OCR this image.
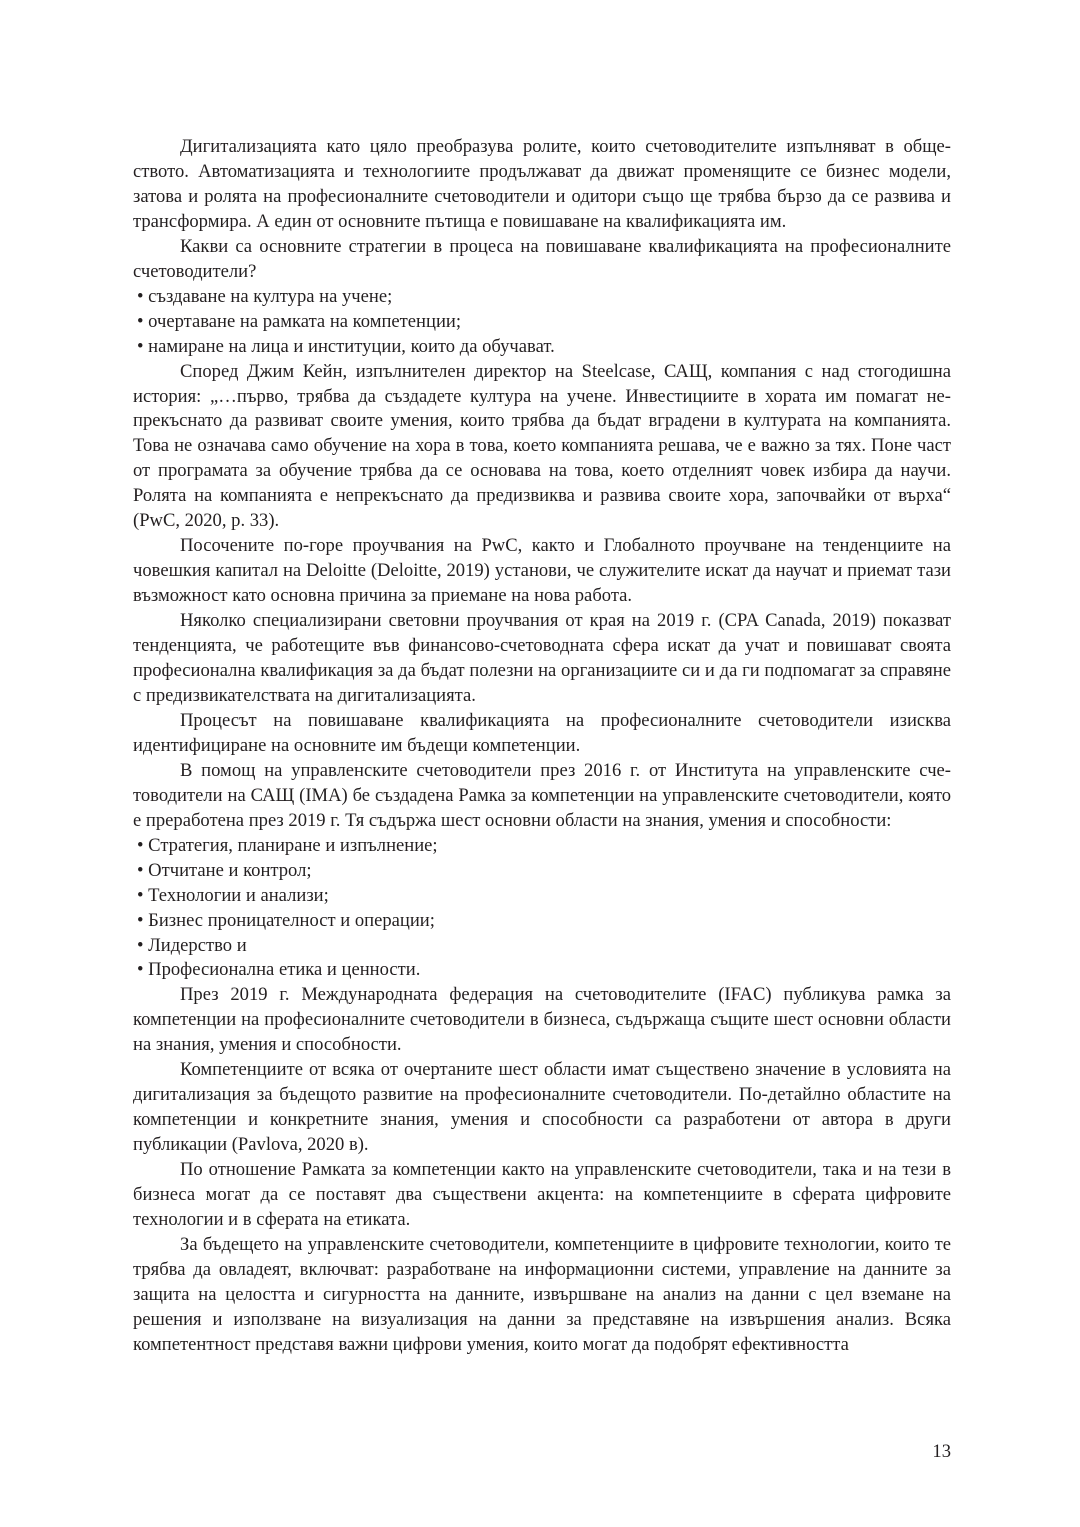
Дигитализацията като цяло преобразува ролите, които счетоводителите изпълняват в обществото. Автоматизацията и технологиите продължават да движат променящите се бизнес модели, затова и ролята на професионалните счетоводители и одитори също ще трябва бързо да се развива и трансформира. А един от основните пътища е повишаване на квалификацията им.

Какви са основните стратегии в процеса на повишаване квалификацията на професионалните счетоводители?

• създаване на култура на учене;
• очертаване на рамката на компетенции;
• намиране на лица и институции, които да обучават.

Според Джим Кейн, изпълнителен директор на Steelcase, САЩ, компания с над стогодишна история: „…първо, трябва да създадете култура на учене. Инвестициите в хората им помагат непрекъснато да развиват своите умения, които трябва да бъдат вградени в културата на компанията. Това не означава само обучение на хора в това, което компанията решава, че е важно за тях. Поне част от програмата за обучение трябва да се основава на това, което отделният човек избира да научи. Ролята на компанията е непрекъснато да предизвиква и развива своите хора, започвайки от върха“ (PwC, 2020, p. 33).

Посочените по-горе проучвания на PwC, както и Глобалното проучване на тенденциите на човешкия капитал на Deloitte (Deloitte, 2019) установи, че служителите искат да научат и приемат тази възможност като основна причина за приемане на нова работа.

Няколко специализирани световни проучвания от края на 2019 г. (CPA Canada, 2019) показват тенденцията, че работещите във финансово-счетоводната сфера искат да учат и повишават своята професионална квалификация за да бъдат полезни на организациите си и да ги подпомагат за справяне с предизвикателствата на дигитализацията.

Процесът на повишаване квалификацията на професионалните счетоводители изисква идентифициране на основните им бъдещи компетенции.

В помощ на управленските счетоводители през 2016 г. от Института на управленските счетоводители на САЩ (IMA) бе създадена Рамка за компетенции на управленските счетоводители, която е преработена през 2019 г. Тя съдържа шест основни области на знания, умения и способности:

• Стратегия, планиране и изпълнение;
• Отчитане и контрол;
• Технологии и анализи;
• Бизнес проницателност и операции;
• Лидерство и
• Професионална етика и ценности.

През 2019 г. Международната федерация на счетоводителите (IFAC) публикува рамка за компетенции на професионалните счетоводители в бизнеса, съдържаща същите шест основни области на знания, умения и способности.

Компетенциите от всяка от очертаните шест области имат съществено значение в условията на дигитализация за бъдещото развитие на професионалните счетоводители. По-детайлно областите на компетенции и конкретните знания, умения и способности са разработени от автора в други публикации (Pavlova, 2020 в).

По отношение Рамката за компетенции както на управленските счетоводители, така и на тези в бизнеса могат да се поставят два съществени акцента: на компетенциите в сферата цифровите технологии и в сферата на етиката.

За бъдещето на управленските счетоводители, компетенциите в цифровите технологии, които те трябва да овладеят, включват: разработване на информационни системи, управление на данните за защита на целостта и сигурността на данните, извършване на анализ на данни с цел вземане на решения и използване на визуализация на данни за представяне на извършения анализ. Всяка компетентност представя важни цифрови умения, които могат да подобрят ефективността

13
